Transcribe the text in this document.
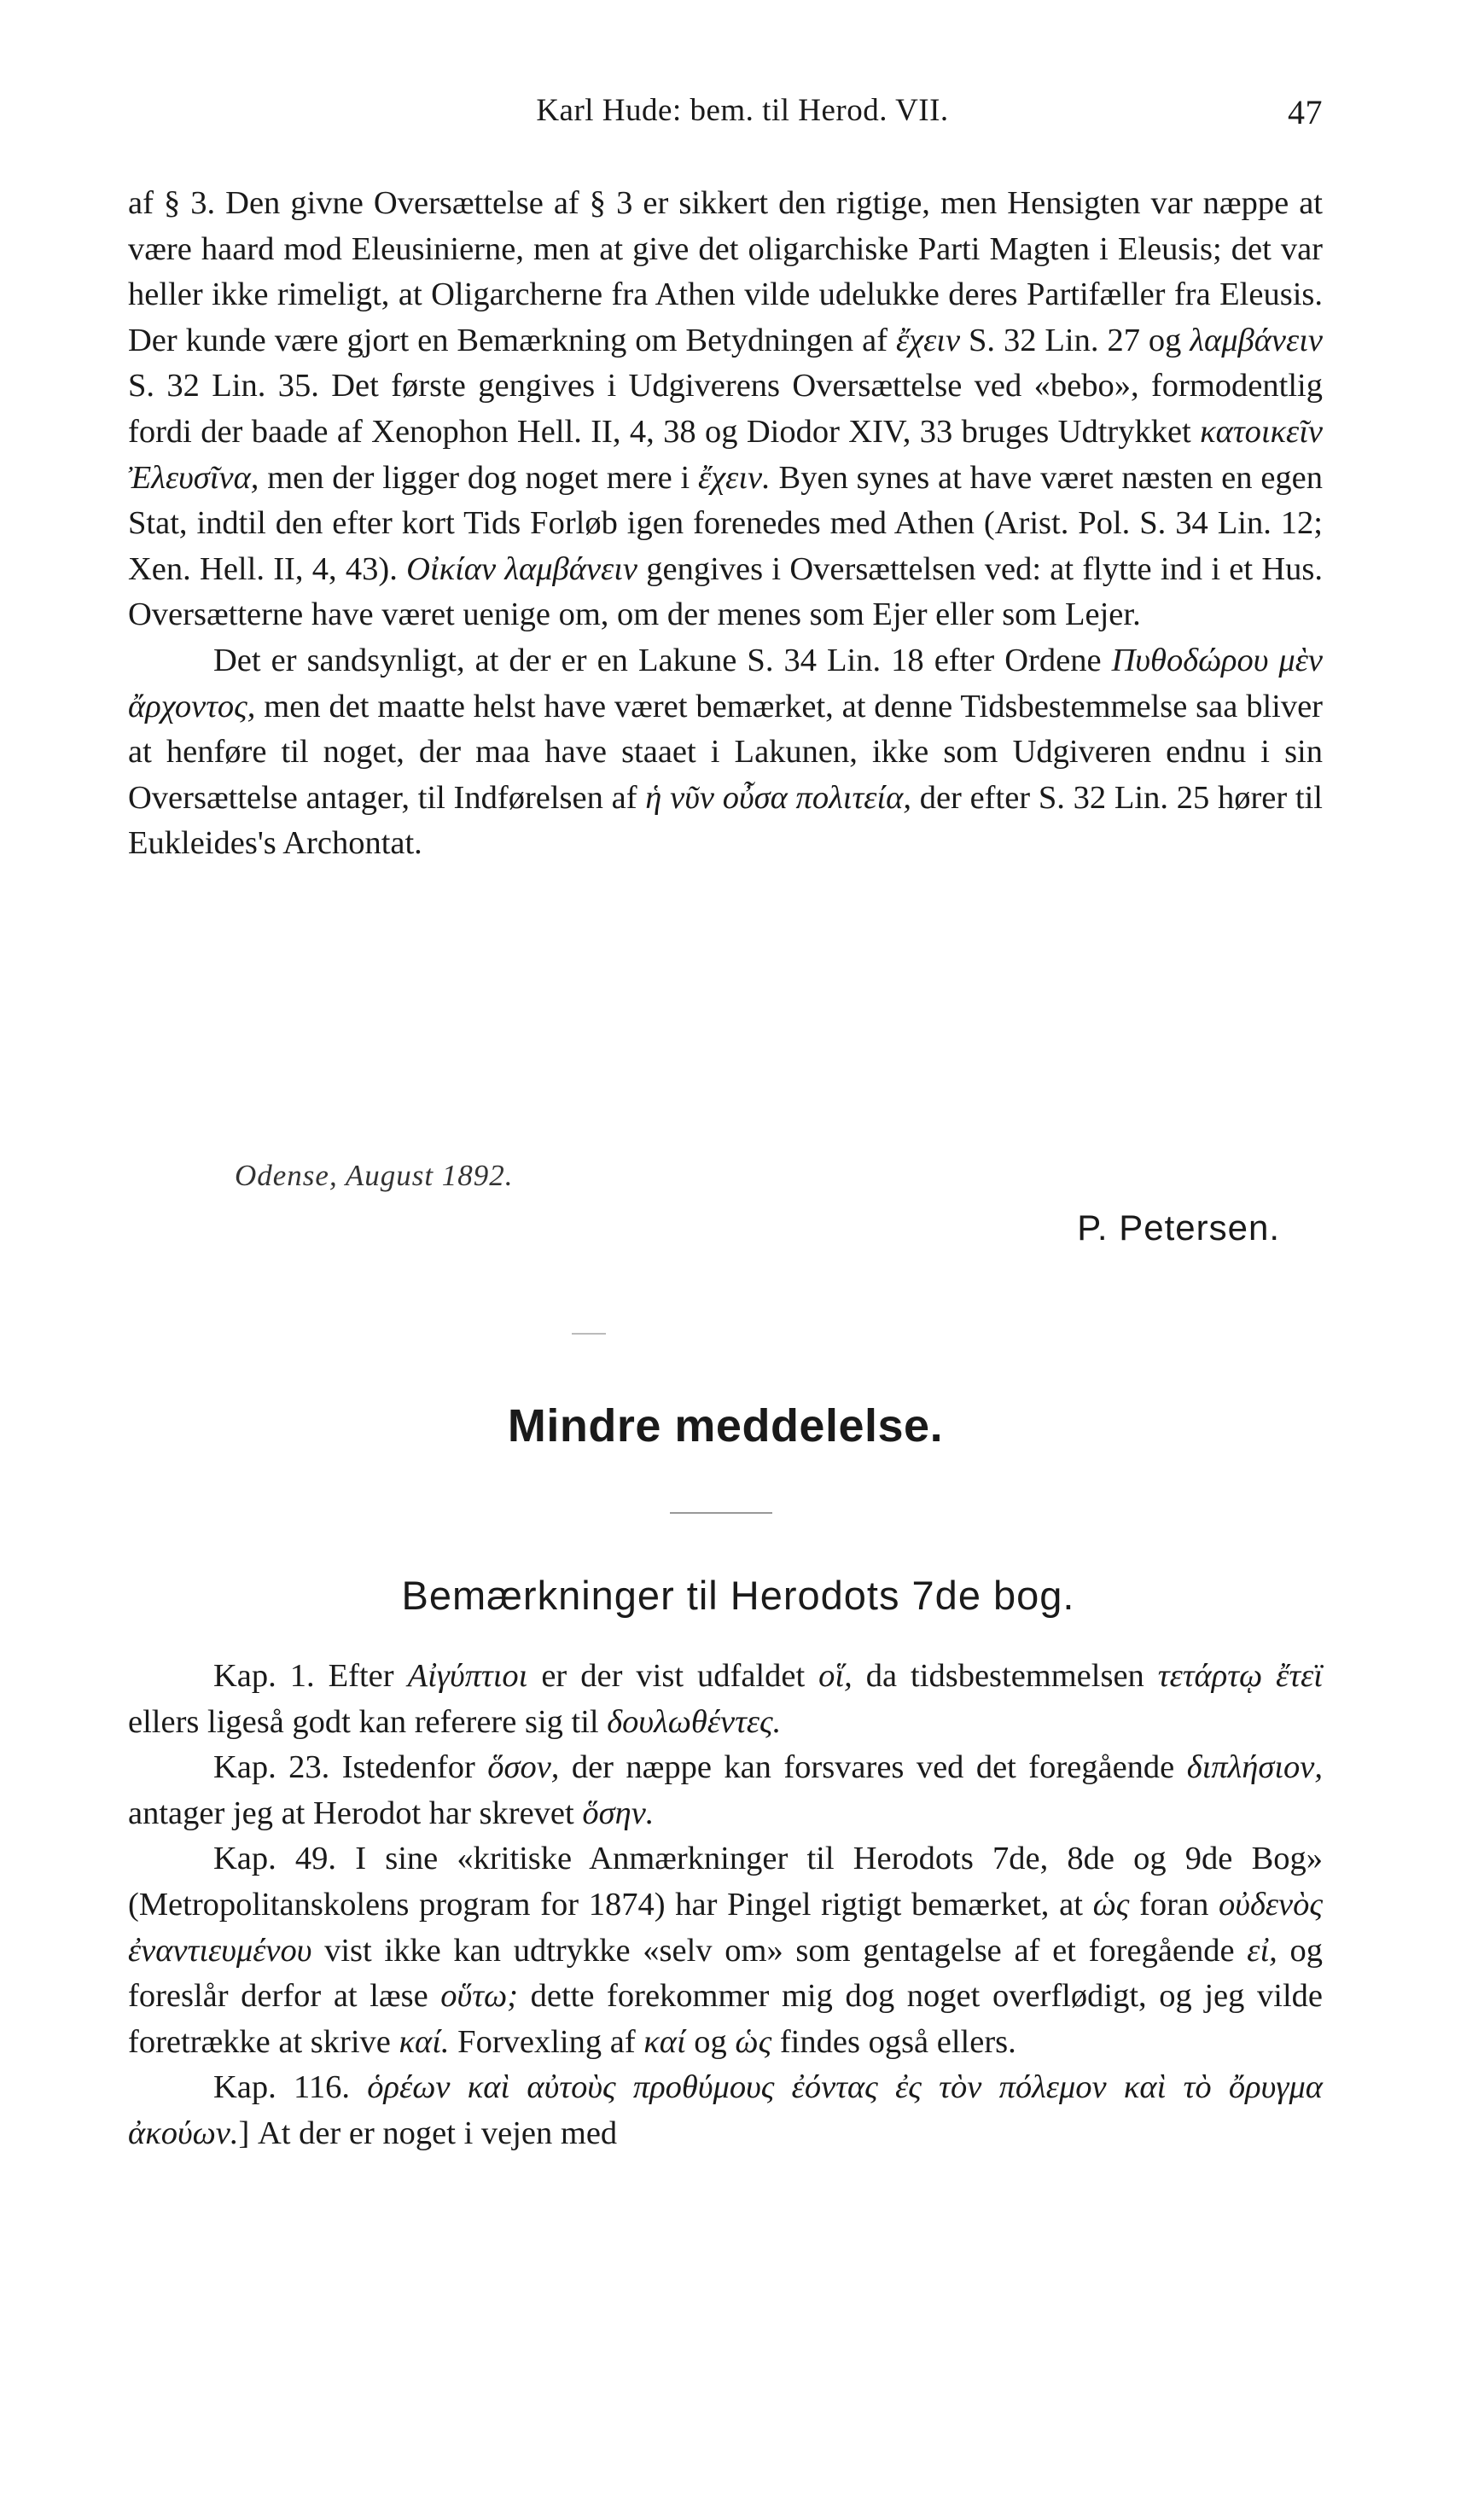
Karl Hude: bem. til Herod. VII.	47

af § 3. Den givne Oversættelse af § 3 er sikkert den rigtige, men Hensigten var næppe at være haard mod Eleusinierne, men at give det oligarchiske Parti Magten i Eleusis; det var heller ikke rimeligt, at Oligarcherne fra Athen vilde udelukke deres Partifæller fra Eleusis. Der kunde være gjort en Bemærkning om Betydningen af ἔχειν S. 32 Lin. 27 og λαμβάνειν S. 32 Lin. 35. Det første gengives i Udgiverens Oversættelse ved «bebo», formodentlig fordi der baade af Xenophon Hell. II, 4, 38 og Diodor XIV, 33 bruges Udtrykket κατοικεῖν Ἐλευσῖνα, men der ligger dog noget mere i ἔχειν. Byen synes at have været næsten en egen Stat, indtil den efter kort Tids Forløb igen forenedes med Athen (Arist. Pol. S. 34 Lin. 12; Xen. Hell. II, 4, 43). Οἰκίαν λαμβάνειν gengives i Oversættelsen ved: at flytte ind i et Hus. Oversætterne have været uenige om, om der menes som Ejer eller som Lejer.

Det er sandsynligt, at der er en Lakune S. 34 Lin. 18 efter Ordene Πυθοδώρου μὲν ἄρχοντος, men det maatte helst have været bemærket, at denne Tidsbestemmelse saa bliver at henføre til noget, der maa have staaet i Lakunen, ikke som Udgiveren endnu i sin Oversættelse antager, til Indførelsen af ἡ νῦν οὖσα πολιτεία, der efter S. 32 Lin. 25 hører til Eukleides's Archontat.

Odense, August 1892.
P. Petersen.
Mindre meddelelse.
Bemærkninger til Herodots 7de bog.

Kap. 1. Efter Αἰγύπτιοι er der vist udfaldet οἵ, da tidsbestemmelsen τετάρτῳ ἔτεϊ ellers ligeså godt kan referere sig til δουλωθέντες.

Kap. 23. Istedenfor ὅσον, der næppe kan forsvares ved det foregående διπλήσιον, antager jeg at Herodot har skrevet ὅσην.

Kap. 49. I sine «kritiske Anmærkninger til Herodots 7de, 8de og 9de Bog» (Metropolitanskolens program for 1874) har Pingel rigtigt bemærket, at ὡς foran οὐδενὸς ἐναντιευμένου vist ikke kan udtrykke «selv om» som gentagelse af et foregående εἰ, og foreslår derfor at læse οὕτω; dette forekommer mig dog noget overflødigt, og jeg vilde foretrække at skrive καί. Forvexling af καί og ὡς findes også ellers.

Kap. 116. ὁρέων καὶ αὐτοὺς προθύμους ἐόντας ἐς τὸν πόλεμον καὶ τὸ ὄρυγμα ἀκούων.] At der er noget i vejen med
